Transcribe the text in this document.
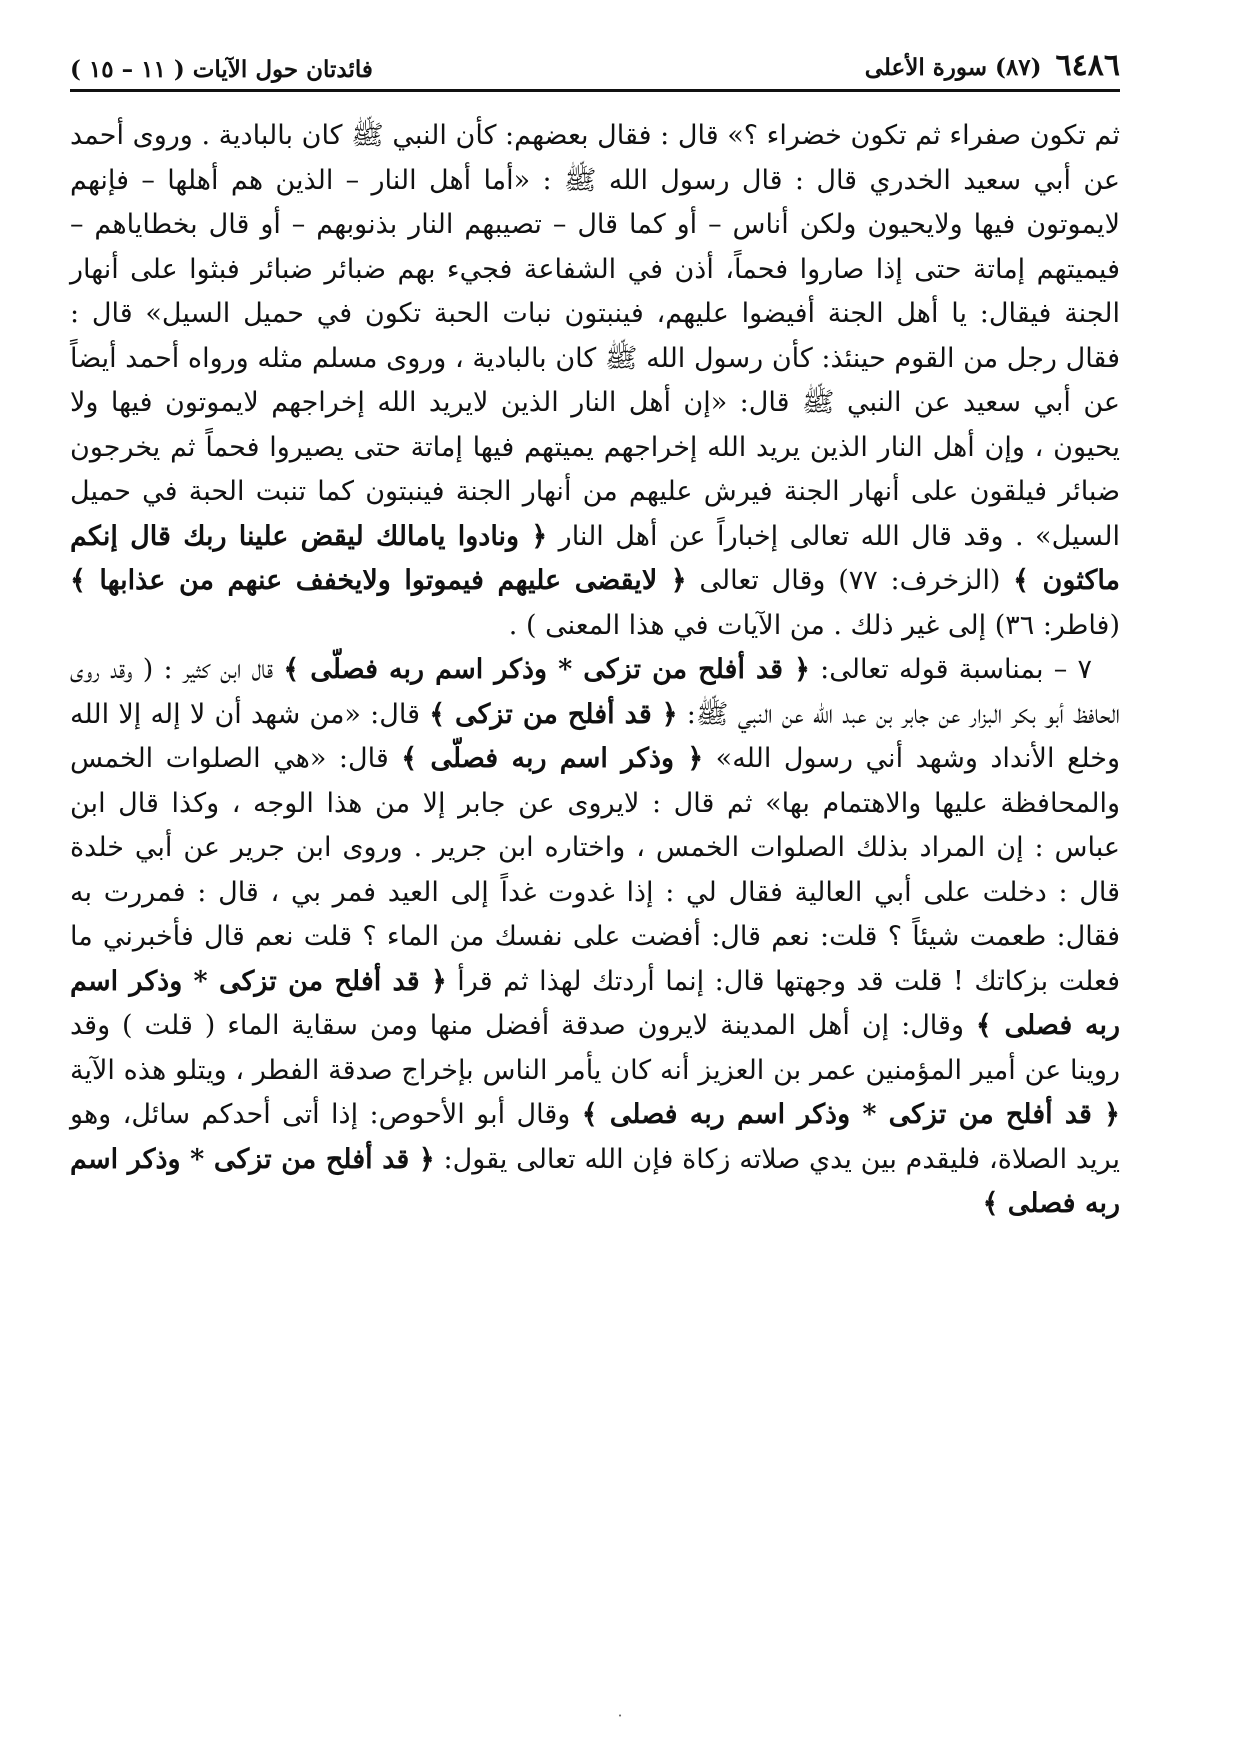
٦٤٨٦
(٨٧) سورة الأعلى
فائدتان حول الآيات ( ١١ – ١٥ )

ثم تكون صفراء ثم تكون خضراء ؟» قال : فقال بعضهم: كأن النبي ﷺ كان بالبادية . وروى أحمد عن أبي سعيد الخدري قال : قال رسول الله ﷺ : «أما أهل النار – الذين هم أهلها – فإنهم لايموتون فيها ولايحيون ولكن أناس – أو كما قال – تصيبهم النار بذنوبهم – أو قال بخطاياهم – فيميتهم إماتة حتى إذا صاروا فحماً، أذن في الشفاعة فجيء بهم ضبائر ضبائر فبثوا على أنهار الجنة فيقال: يا أهل الجنة أفيضوا عليهم، فينبتون نبات الحبة تكون في حميل السيل» قال : فقال رجل من القوم حينئذ: كأن رسول الله ﷺ كان بالبادية ، وروى مسلم مثله ورواه أحمد أيضاً عن أبي سعيد عن النبي ﷺ قال: «إن أهل النار الذين لايريد الله إخراجهم لايموتون فيها ولا يحيون ، وإن أهل النار الذين يريد الله إخراجهم يميتهم فيها إماتة حتى يصيروا فحماً ثم يخرجون ضبائر فيلقون على أنهار الجنة فيرش عليهم من أنهار الجنة فينبتون كما تنبت الحبة في حميل السيل» . وقد قال الله تعالى إخباراً عن أهل النار ﴿ ونادوا يامالك ليقض علينا ربك قال إنكم ماكثون ﴾ (الزخرف: ٧٧) وقال تعالى ﴿ لايقضى عليهم فيموتوا ولايخفف عنهم من عذابها ﴾ (فاطر: ٣٦) إلى غير ذلك . من الآيات في هذا المعنى ) .

٧ – بمناسبة قوله تعالى: ﴿ قد أفلح من تزكى * وذكر اسم ربه فصلّى ﴾ قال ابن كثير : ( وقد روى الحافظ أبو بكر البزار عن جابر بن عبد الله عن النبي ﷺ: ﴿ قد أفلح من تزكى ﴾ قال: «من شهد أن لا إله إلا الله وخلع الأنداد وشهد أني رسول الله» ﴿ وذكر اسم ربه فصلّى ﴾ قال: «هي الصلوات الخمس والمحافظة عليها والاهتمام بها» ثم قال : لايروى عن جابر إلا من هذا الوجه ، وكذا قال ابن عباس : إن المراد بذلك الصلوات الخمس ، واختاره ابن جرير . وروى ابن جرير عن أبي خلدة قال : دخلت على أبي العالية فقال لي : إذا غدوت غداً إلى العيد فمر بي ، قال : فمررت به فقال: طعمت شيئاً ؟ قلت: نعم قال: أفضت على نفسك من الماء ؟ قلت نعم قال فأخبرني ما فعلت بزكاتك ! قلت قد وجهتها قال: إنما أردتك لهذا ثم قرأ ﴿ قد أفلح من تزكى * وذكر اسم ربه فصلى ﴾ وقال: إن أهل المدينة لايرون صدقة أفضل منها ومن سقاية الماء ( قلت ) وقد روينا عن أمير المؤمنين عمر بن العزيز أنه كان يأمر الناس بإخراج صدقة الفطر ، ويتلو هذه الآية ﴿ قد أفلح من تزكى * وذكر اسم ربه فصلى ﴾ وقال أبو الأحوص: إذا أتى أحدكم سائل، وهو يريد الصلاة، فليقدم بين يدي صلاته زكاة فإن الله تعالى يقول: ﴿ قد أفلح من تزكى * وذكر اسم ربه فصلى ﴾

·
